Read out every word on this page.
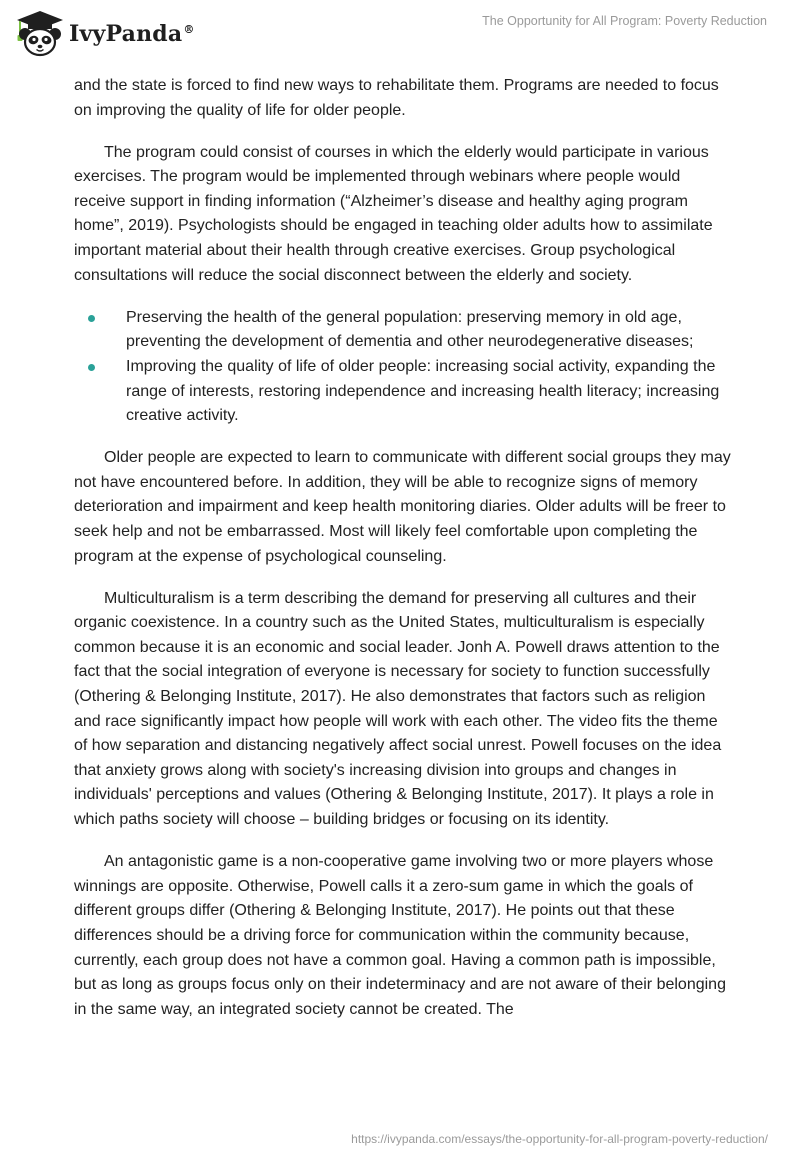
IvyPanda®
The Opportunity for All Program: Poverty Reduction

and the state is forced to find new ways to rehabilitate them. Programs are needed to focus on improving the quality of life for older people.

The program could consist of courses in which the elderly would participate in various exercises. The program would be implemented through webinars where people would receive support in finding information (“Alzheimer’s disease and healthy aging program home”, 2019). Psychologists should be engaged in teaching older adults how to assimilate important material about their health through creative exercises. Group psychological consultations will reduce the social disconnect between the elderly and society.

Preserving the health of the general population: preserving memory in old age, preventing the development of dementia and other neurodegenerative diseases;
Improving the quality of life of older people: increasing social activity, expanding the range of interests, restoring independence and increasing health literacy; increasing creative activity.

Older people are expected to learn to communicate with different social groups they may not have encountered before. In addition, they will be able to recognize signs of memory deterioration and impairment and keep health monitoring diaries. Older adults will be freer to seek help and not be embarrassed. Most will likely feel comfortable upon completing the program at the expense of psychological counseling.

Multiculturalism is a term describing the demand for preserving all cultures and their organic coexistence. In a country such as the United States, multiculturalism is especially common because it is an economic and social leader. Jonh A. Powell draws attention to the fact that the social integration of everyone is necessary for society to function successfully (Othering & Belonging Institute, 2017). He also demonstrates that factors such as religion and race significantly impact how people will work with each other. The video fits the theme of how separation and distancing negatively affect social unrest. Powell focuses on the idea that anxiety grows along with society's increasing division into groups and changes in individuals' perceptions and values (Othering & Belonging Institute, 2017). It plays a role in which paths society will choose – building bridges or focusing on its identity.

An antagonistic game is a non-cooperative game involving two or more players whose winnings are opposite. Otherwise, Powell calls it a zero-sum game in which the goals of different groups differ (Othering & Belonging Institute, 2017). He points out that these differences should be a driving force for communication within the community because, currently, each group does not have a common goal. Having a common path is impossible, but as long as groups focus only on their indeterminacy and are not aware of their belonging in the same way, an integrated society cannot be created. The

https://ivypanda.com/essays/the-opportunity-for-all-program-poverty-reduction/
